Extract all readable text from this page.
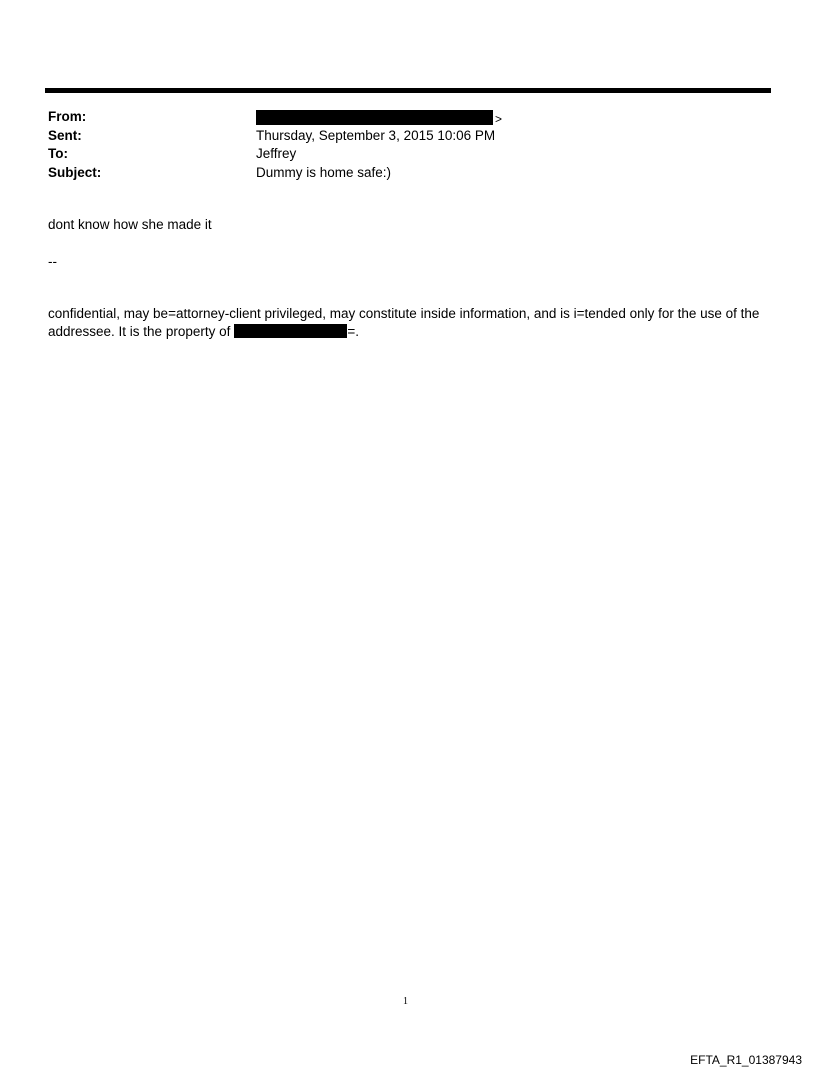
From:	>
Sent:	Thursday, September 3, 2015 10:06 PM
To:	Jeffrey
Subject:	Dummy is home safe:)
dont know how she made it
--
confidential, may be=attorney-client privileged, may constitute inside information, and is i=tended only for the use of the addressee. It is the property of	=.
1
EFTA_R1_01387943
